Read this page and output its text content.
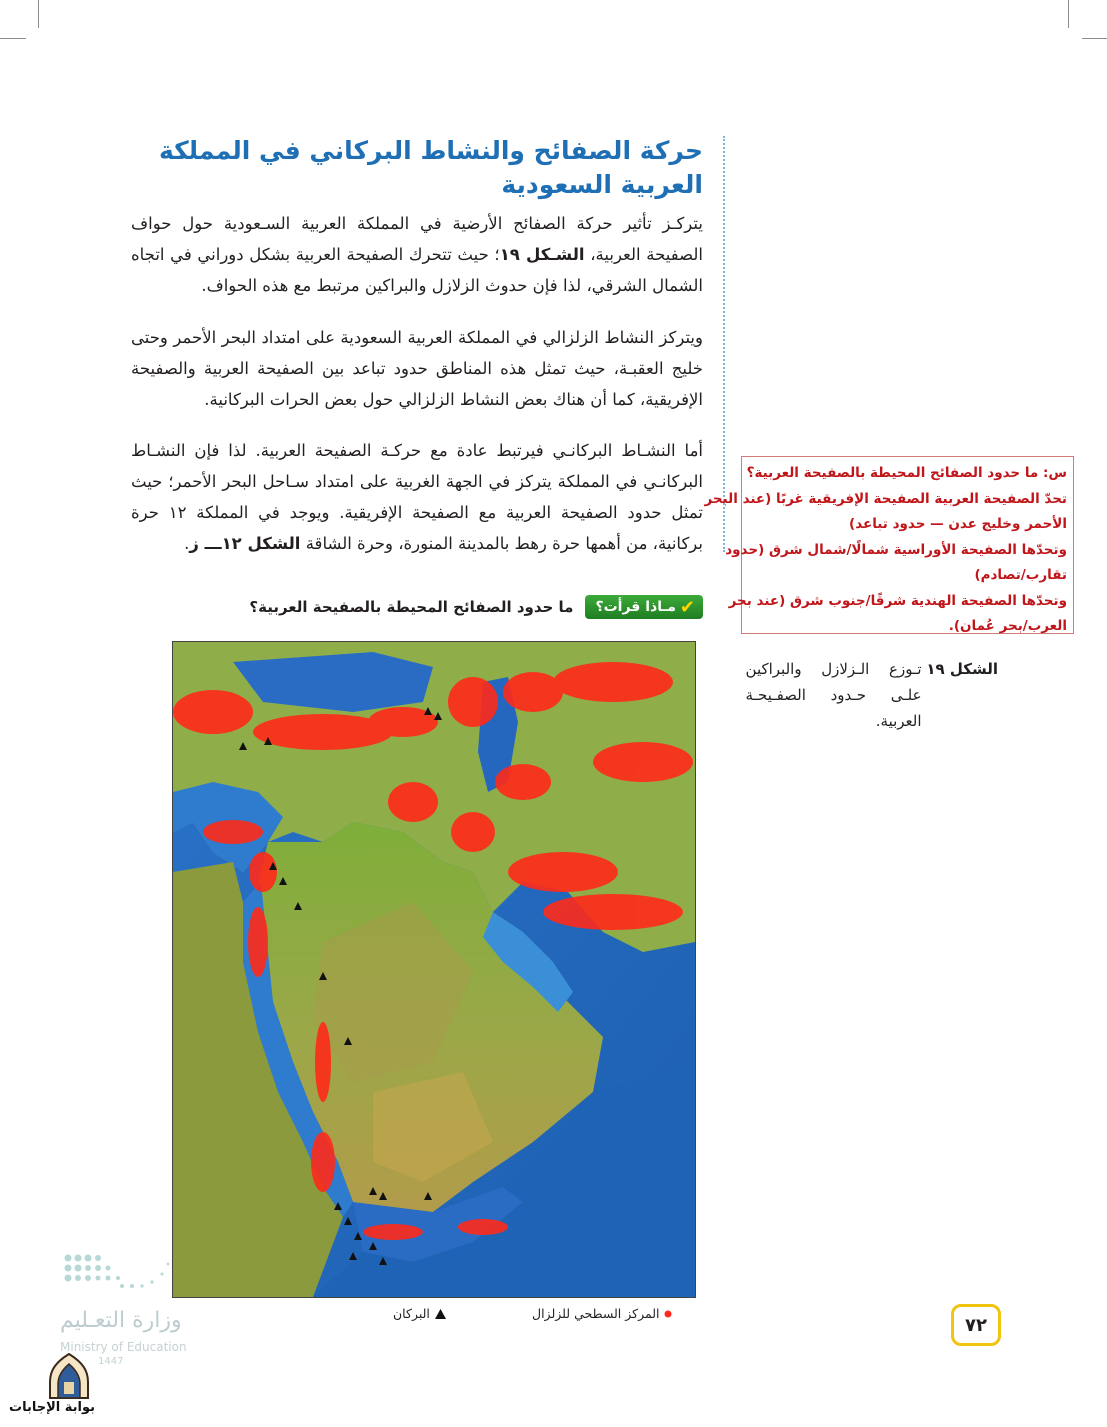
حركة الصفائح والنشاط البركاني في المملكة
العربية السعودية

يتركـز تأثير حركة الصفائح الأرضية في المملكة العربية السـعودية حول حواف الصفيحة العربية، الشـكل ١٩؛ حيث تتحرك الصفيحة العربية بشكل دوراني في اتجاه الشمال الشرقي، لذا فإن حدوث الزلازل والبراكين مرتبط مع هذه الحواف.

ويتركز النشاط الزلزالي في المملكة العربية السعودية على امتداد البحر الأحمر وحتى خليج العقبـة، حيث تمثل هذه المناطق حدود تباعد بين الصفيحة العربية والصفيحة الإفريقية، كما أن هناك بعض النشاط الزلزالي حول بعض الحرات البركانية.

أما النشـاط البركانـي فيرتبط عادة مع حركـة الصفيحة العربية. لذا فإن النشـاط البركانـي في المملكة يتركز في الجهة الغربية على امتداد سـاحل البحر الأحمر؛ حيث تمثل حدود الصفيحة العربية مع الصفيحة الإفريقية. ويوجد في المملكة ١٢ حرة بركانية، من أهمها حرة رهط بالمدينة المنورة، وحرة الشاقة الشكل ١٢ـــ ز.

✔
مـاذا قرأت؟
ما حدود الصفائح المحيطة بالصفيحة العربية؟
المركز السطحي للزلزال
البركان
س: ما حدود الصفائح المحيطة بالصفيحة العربية؟
تحدّ الصفيحة العربية الصفيحة الإفريقية غربًا (عند البحر
الأحمر وخليج عدن — حدود تباعد)
وتحدّها الصفيحة الأوراسية شمالًا/شمال شرق (حدود
تقارب/تصادم)
وتحدّها الصفيحة الهندية شرقًا/جنوب شرق (عند بحر
العرب/بحر عُمان).
الشكل ١٩ تـوزع الـزلازل والبراكين علـى حـدود الصفـيحـة العربية.
٧٢
وزارة التعـليم
Ministry of Education
1447
بوابة الإجابات
